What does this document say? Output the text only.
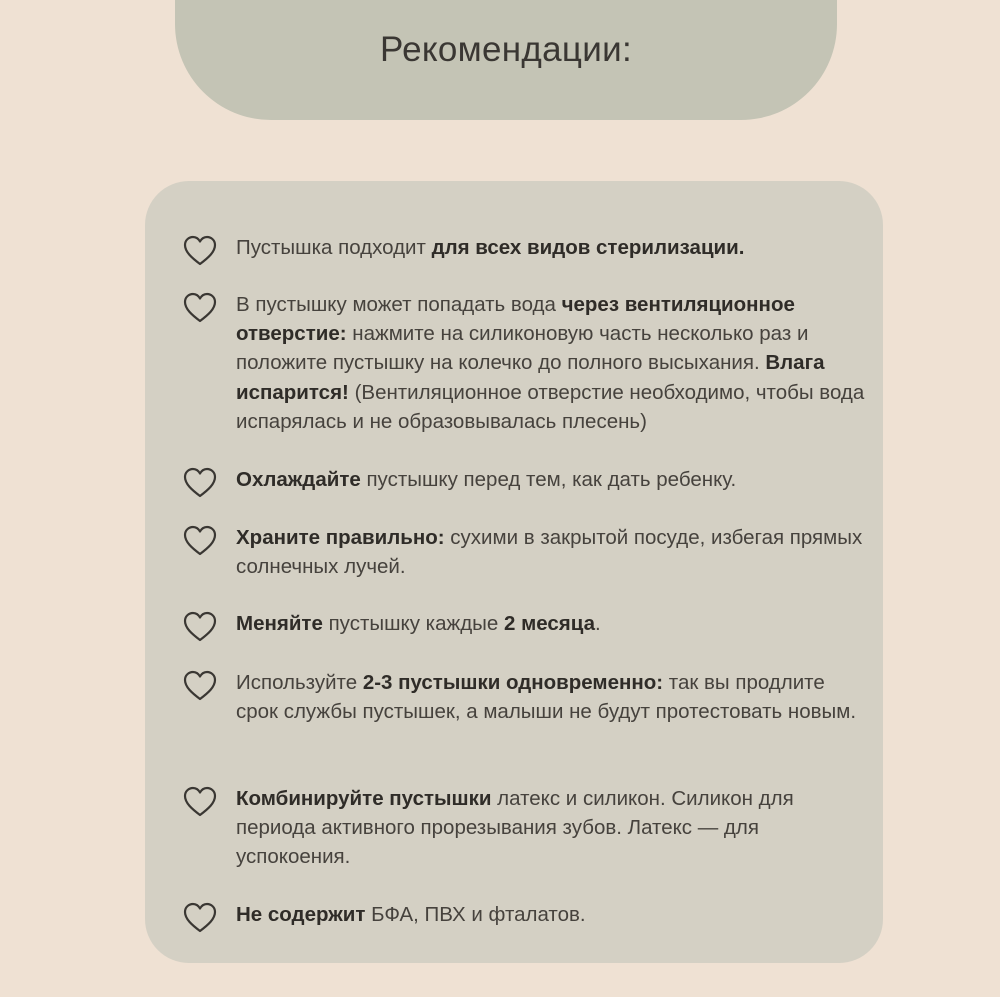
Рекомендации:
Пустышка подходит для всех видов стерилизации.
В пустышку может попадать вода через вентиляционное отверстие: нажмите на силиконовую часть несколько раз и положите пустышку на колечко до полного высыхания. Влага испарится! (Вентиляционное отверстие необходимо, чтобы вода испарялась и не образовывалась плесень)
Охлаждайте пустышку перед тем, как дать ребенку.
Храните правильно: сухими в закрытой посуде, избегая прямых солнечных лучей.
Меняйте пустышку каждые 2 месяца.
Используйте 2-3 пустышки одновременно: так вы продлите срок службы пустышек, а малыши не будут протестовать новым.
Комбинируйте пустышки латекс и силикон. Силикон для периода активного прорезывания зубов. Латекс — для успокоения.
Не содержит БФА, ПВХ и фталатов.
